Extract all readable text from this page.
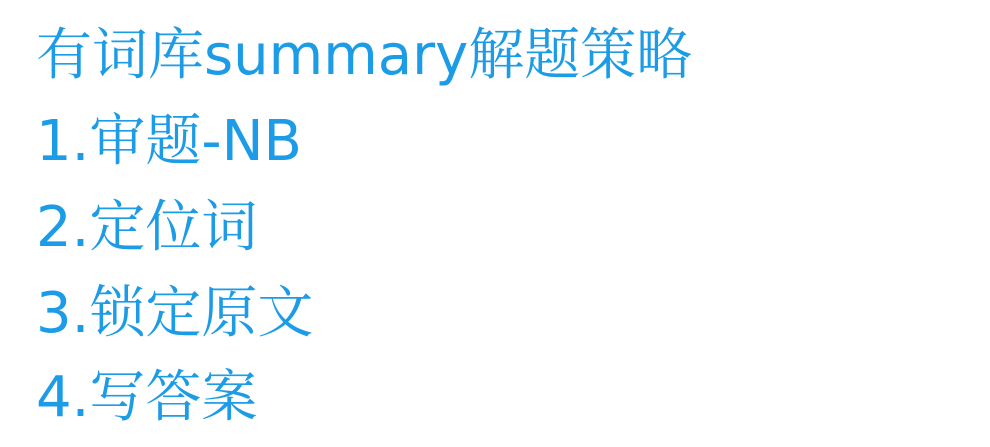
有词库summary解题策略
1.审题-NB
2.定位词
3.锁定原文
4.写答案
